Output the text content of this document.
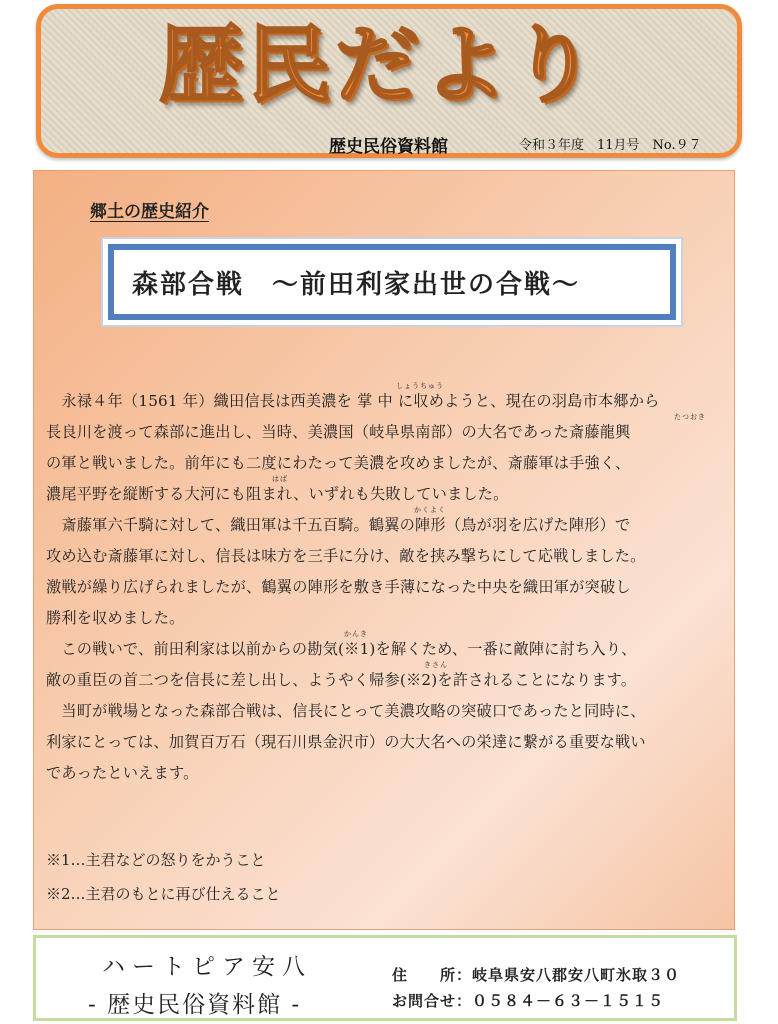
歴民だより
歴史民俗資料館	令和３年度　11月号　No.９７
郷土の歴史紹介
森部合戦　～前田利家出世の合戦～
　永禄４年（1561 年）織田信長は西美濃を 掌 中 に収めようと、現在の羽島市本郷から
しょうちゅう
長良川を渡って森部に進出し、当時、美濃国（岐阜県南部）の大名であった斎藤龍興
たつおき
の軍と戦いました。前年にも二度にわたって美濃を攻めましたが、斎藤軍は手強く、
濃尾平野を縦断する大河にも阻まれ、いずれも失敗していました。
はば
　斎藤軍六千騎に対して、織田軍は千五百騎。鶴翼の陣形（鳥が羽を広げた陣形）で
かくよく
攻め込む斎藤軍に対し、信長は味方を三手に分け、敵を挟み撃ちにして応戦しました。
激戦が繰り広げられましたが、鶴翼の陣形を敷き手薄になった中央を織田軍が突破し
勝利を収めました。
　この戦いで、前田利家は以前からの勘気(※1)を解くため、一番に敵陣に討ち入り、
かんき
敵の重臣の首二つを信長に差し出し、ようやく帰参(※2)を許されることになります。
きさん
　当町が戦場となった森部合戦は、信長にとって美濃攻略の突破口であったと同時に、
利家にとっては、加賀百万石（現石川県金沢市）の大大名への栄達に繋がる重要な戦い
であったといえます。
※1…主君などの怒りをかうこと
※2…主君のもとに再び仕えること
ハートピア安八
- 歴史民俗資料館 -
住　　所：岐阜県安八郡安八町氷取３０
お問合せ：０５８４－６３－１５１５
